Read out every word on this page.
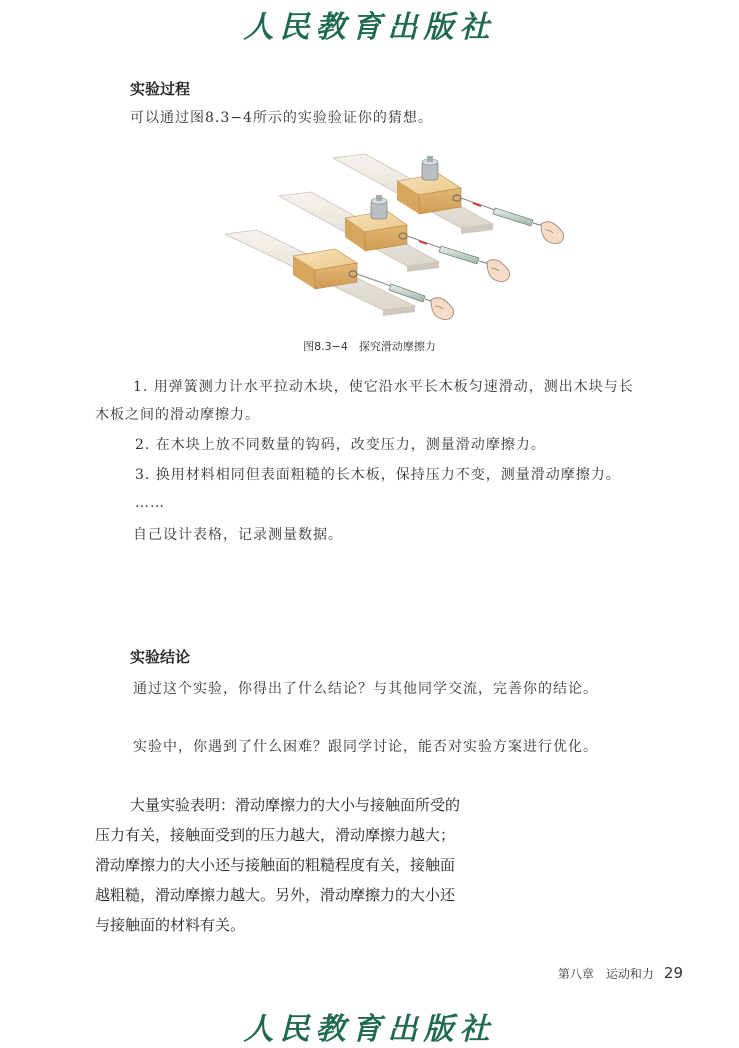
人民教育出版社

实验过程

可以通过图8.3−4所示的实验验证你的猜想。

图8.3−4　探究滑动摩擦力

1. 用弹簧测力计水平拉动木块，使它沿水平长木板匀速滑动，测出木块与长

木板之间的滑动摩擦力。

2. 在木块上放不同数量的钩码，改变压力，测量滑动摩擦力。

3. 换用材料相同但表面粗糙的长木板，保持压力不变，测量滑动摩擦力。

……

自己设计表格，记录测量数据。

实验结论

通过这个实验，你得出了什么结论？与其他同学交流，完善你的结论。

实验中，你遇到了什么困难？跟同学讨论，能否对实验方案进行优化。

大量实验表明：滑动摩擦力的大小与接触面所受的

压力有关，接触面受到的压力越大，滑动摩擦力越大；

滑动摩擦力的大小还与接触面的粗糙程度有关，接触面

越粗糙，滑动摩擦力越大。另外，滑动摩擦力的大小还

与接触面的材料有关。

第八章　运动和力 29
人民教育出版社
